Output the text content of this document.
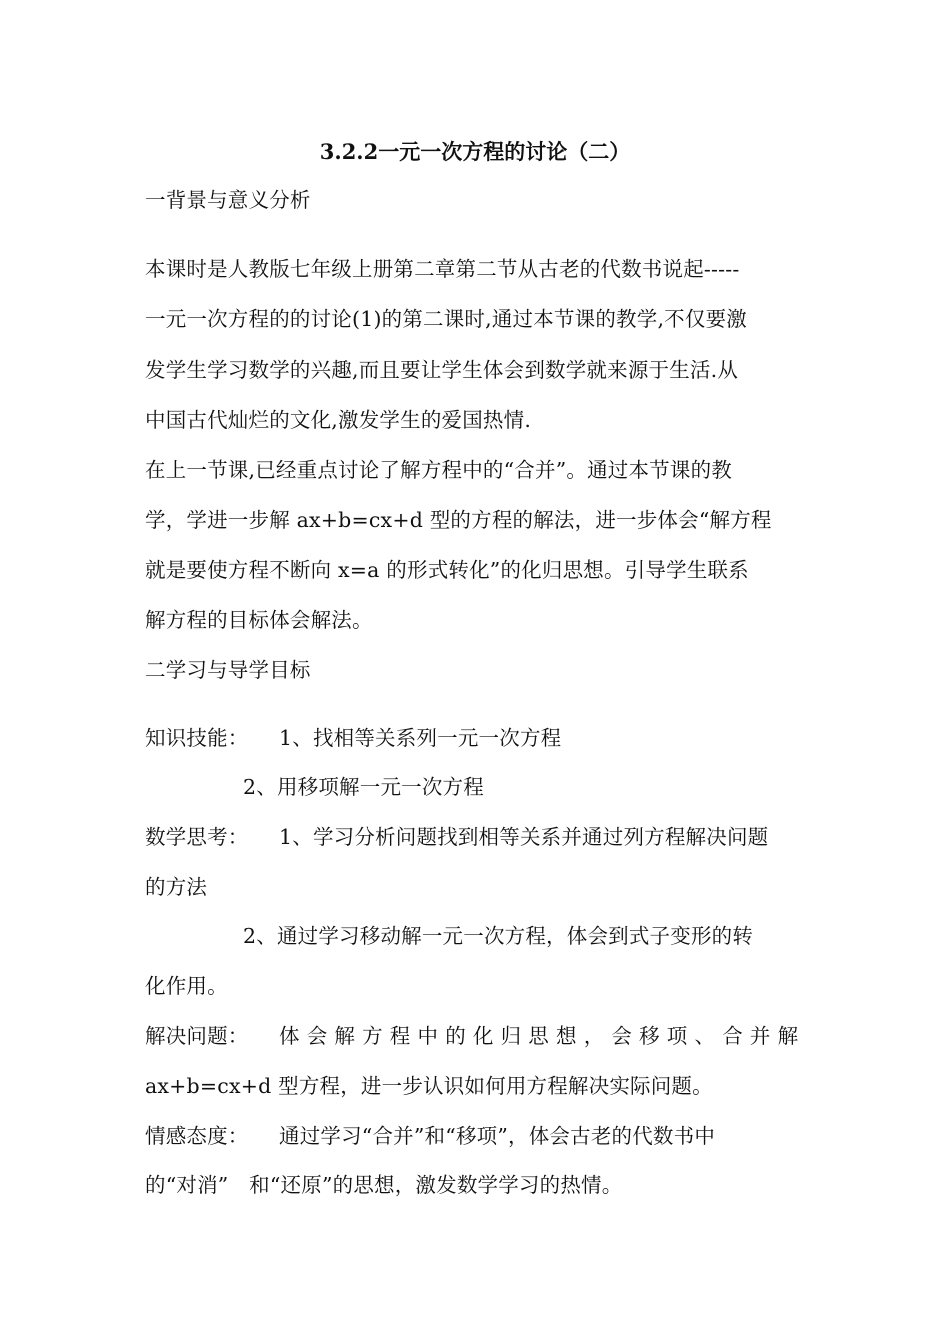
3.2.2一元一次方程的讨论（二）
一背景与意义分析
本课时是人教版七年级上册第二章第二节从古老的代数书说起-----
一元一次方程的的讨论(1)的第二课时,通过本节课的教学,不仅要激
发学生学习数学的兴趣,而且要让学生体会到数学就来源于生活.从
中国古代灿烂的文化,激发学生的爱国热情.
在上一节课,已经重点讨论了解方程中的“合并”。通过本节课的教
学，学进一步解 ax+b=cx+d 型的方程的解法，进一步体会“解方程
就是要使方程不断向 x=a 的形式转化”的化归思想。引导学生联系
解方程的目标体会解法。
二学习与导学目标
知识技能： 1、找相等关系列一元一次方程
2、用移项解一元一次方程
数学思考： 1、学习分析问题找到相等关系并通过列方程解决问题
的方法
2、通过学习移动解一元一次方程，体会到式子变形的转
化作用。
解决问题： 体会解方程中的化归思想，会移项、合并解
ax+b=cx+d 型方程，进一步认识如何用方程解决实际问题。
情感态度： 通过学习“合并”和“移项”，体会古老的代数书中
的“对消”　和“还原”的思想，激发数学学习的热情。
